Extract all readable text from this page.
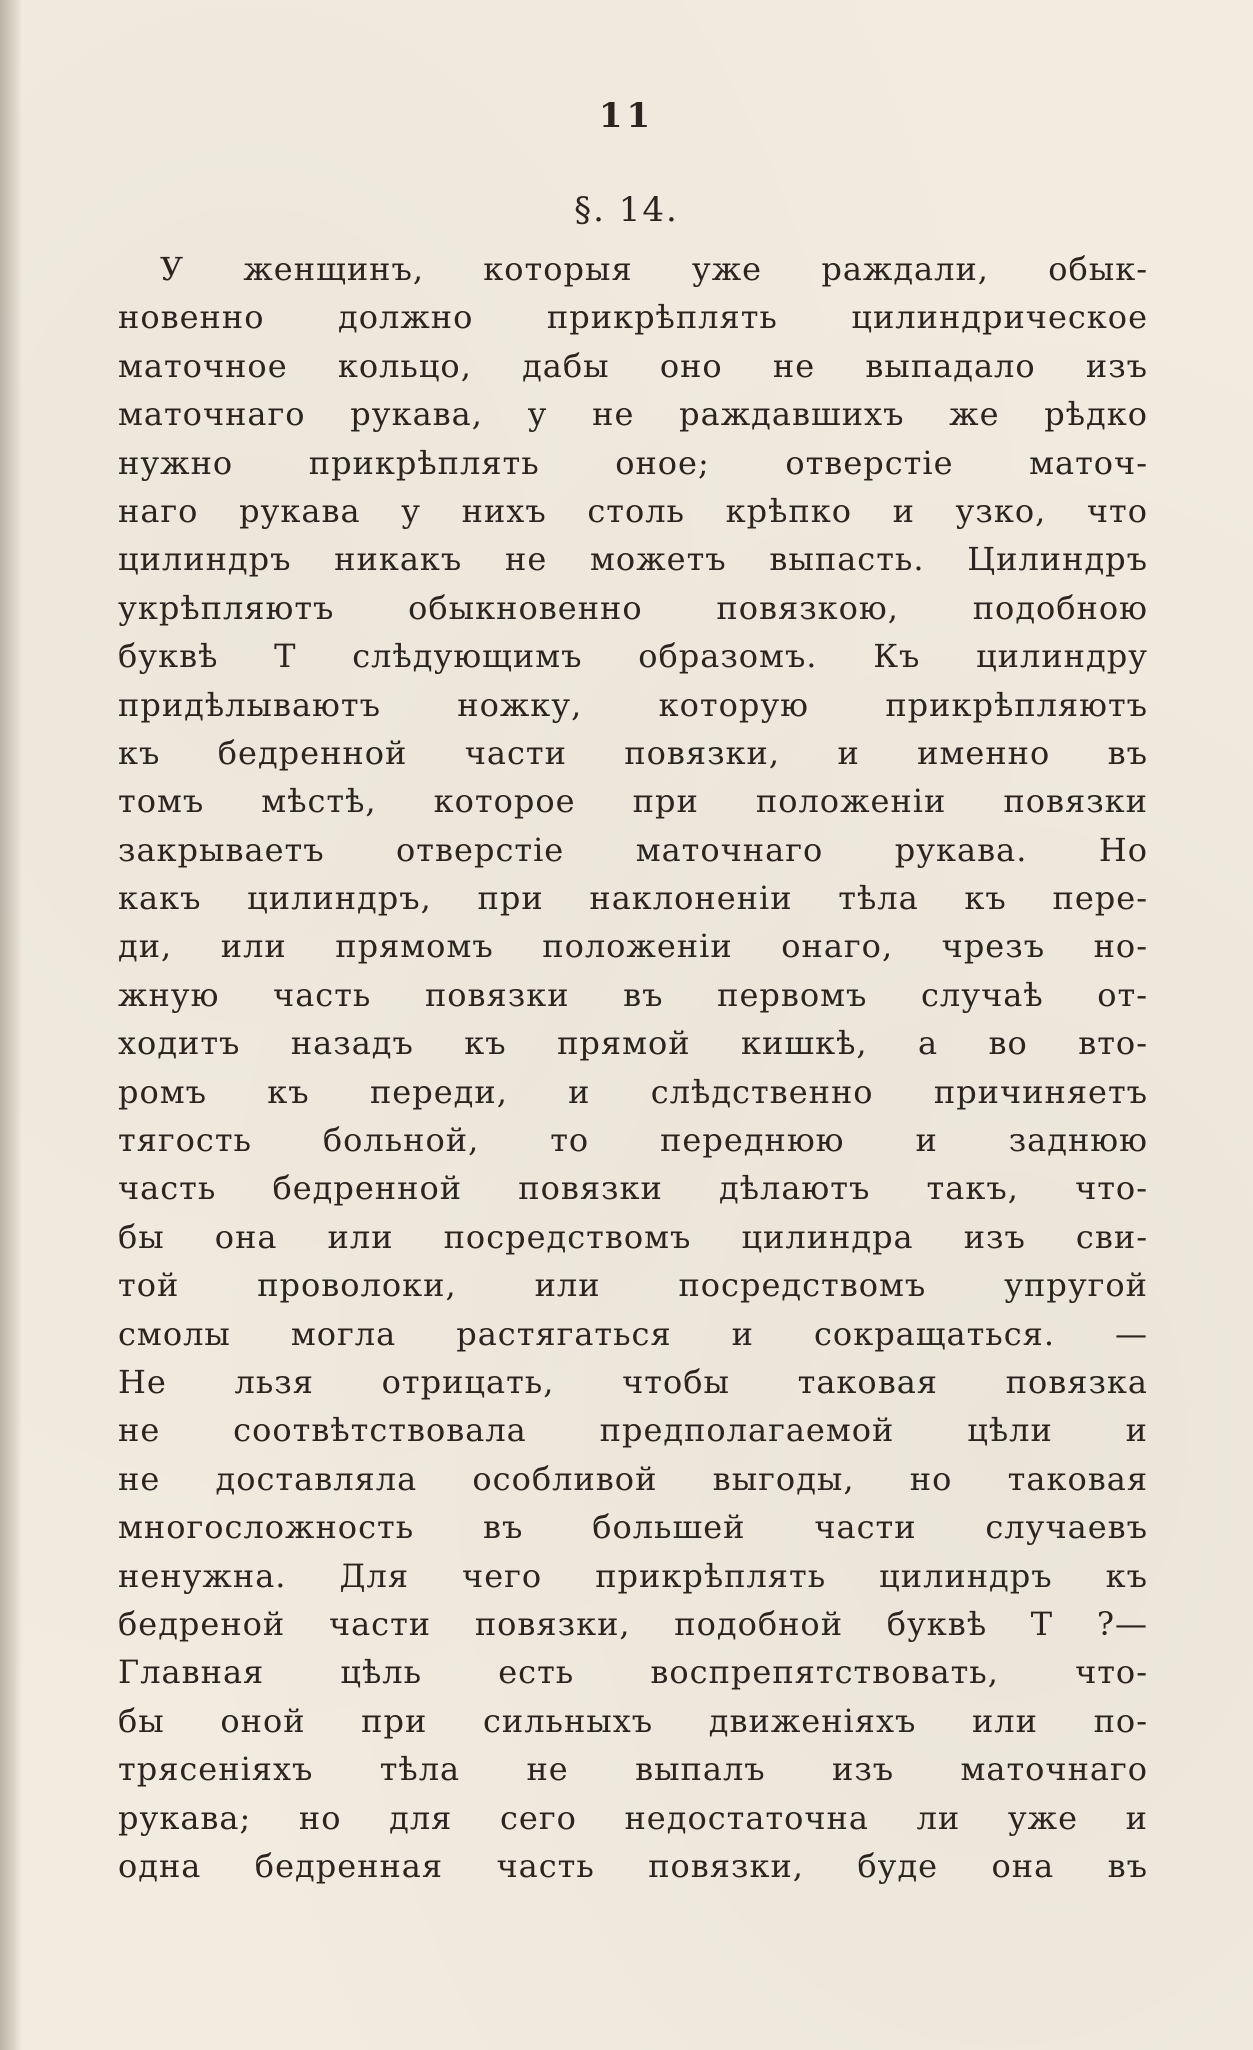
11
§. 14.
У женщинъ, которыя уже раждали, обык-
новенно должно прикрѣплять цилиндрическое
маточное кольцо, дабы оно не выпадало изъ
маточнаго рукава, у не раждавшихъ же рѣдко
нужно прикрѣплять оное; отверстіе маточ-
наго рукава у нихъ столь крѣпко и узко, что
цилиндръ никакъ не можетъ выпасть. Цилиндръ
укрѣпляютъ обыкновенно повязкою, подобною
буквѣ Т слѣдующимъ образомъ. Къ цилиндру
придѣлываютъ ножку, которую прикрѣпляютъ
къ бедренной части повязки, и именно въ
томъ мѣстѣ, которое при положеніи повязки
закрываетъ отверстіе маточнаго рукава. Но
какъ цилиндръ, при наклоненіи тѣла къ пере-
ди, или прямомъ положеніи онаго, чрезъ но-
жную часть повязки въ первомъ случаѣ от-
ходитъ назадъ къ прямой кишкѣ, а во вто-
ромъ къ переди, и слѣдственно причиняетъ
тягость больной, то переднюю и заднюю
часть бедренной повязки дѣлаютъ такъ, что-
бы она или посредствомъ цилиндра изъ сви-
той проволоки, или посредствомъ упругой
смолы могла растягаться и сокращаться. —
Не льзя отрицать, чтобы таковая повязка
не соотвѣтствовала предполагаемой цѣли и
не доставляла особливой выгоды, но таковая
многосложность въ большей части случаевъ
ненужна. Для чего прикрѣплять цилиндръ къ
бедреной части повязки, подобной буквѣ Т ?—
Главная цѣль есть воспрепятствовать, что-
бы оной при сильныхъ движеніяхъ или по-
трясеніяхъ тѣла не выпалъ изъ маточнаго
рукава; но для сего недостаточна ли уже и
одна бедренная часть повязки, буде она въ
